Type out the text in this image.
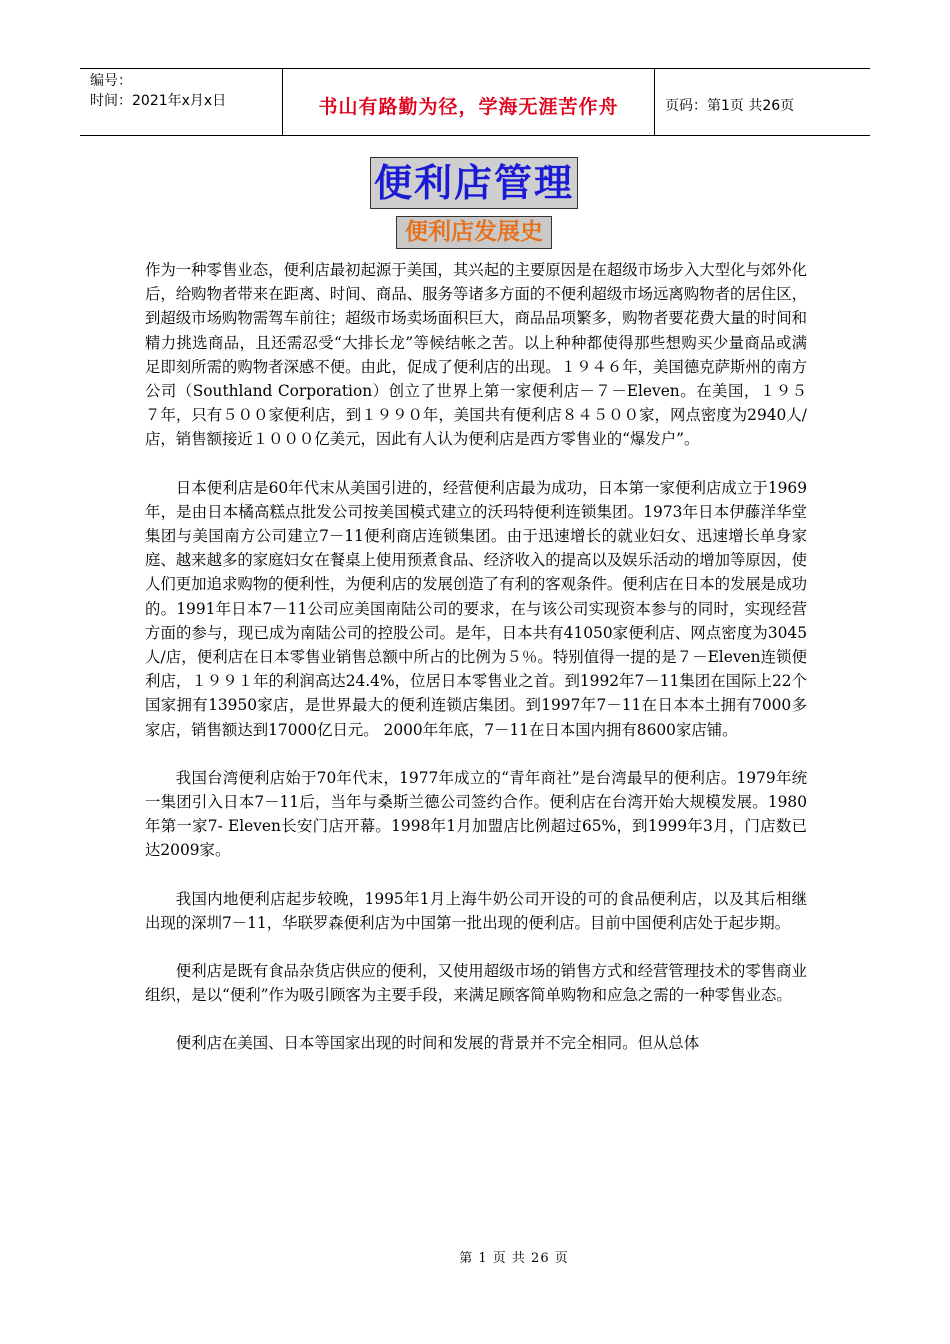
编号：
时间：2021年x月x日	书山有路勤为径，学海无涯苦作舟	页码：第1页 共26页
便利店管理
便利店发展史

作为一种零售业态，便利店最初起源于美国，其兴起的主要原因是在超级市场步入大型化与郊外化后，给购物者带来在距离、时间、商品、服务等诸多方面的不便利超级市场远离购物者的居住区，到超级市场购物需驾车前往；超级市场卖场面积巨大，商品品项繁多，购物者要花费大量的时间和精力挑选商品，且还需忍受“大排长龙”等候结帐之苦。以上种种都使得那些想购买少量商品或满足即刻所需的购物者深感不便。由此，促成了便利店的出现。１９４６年，美国德克萨斯州的南方公司（Southland Corporation）创立了世界上第一家便利店－７－Eleven。在美国，１９５７年，只有５００家便利店，到１９９０年，美国共有便利店８４５００家，网点密度为2940人/店，销售额接近１０００亿美元，因此有人认为便利店是西方零售业的“爆发户”。

日本便利店是60年代末从美国引进的，经营便利店最为成功，日本第一家便利店成立于1969年，是由日本橘高糕点批发公司按美国模式建立的沃玛特便利连锁集团。1973年日本伊藤洋华堂集团与美国南方公司建立7－11便利商店连锁集团。由于迅速增长的就业妇女、迅速增长单身家庭、越来越多的家庭妇女在餐桌上使用预煮食品、经济收入的提高以及娱乐活动的增加等原因，使人们更加追求购物的便利性，为便利店的发展创造了有利的客观条件。便利店在日本的发展是成功的。1991年日本7－11公司应美国南陆公司的要求，在与该公司实现资本参与的同时，实现经营方面的参与，现已成为南陆公司的控股公司。是年，日本共有41050家便利店、网点密度为3045人/店，便利店在日本零售业销售总额中所占的比例为５％。特别值得一提的是７－Eleven连锁便利店，１９９１年的利润高达24.4%，位居日本零售业之首。到1992年7－11集团在国际上22个国家拥有13950家店，是世界最大的便利连锁店集团。到1997年7－11在日本本土拥有7000多家店，销售额达到17000亿日元。 2000年年底，7－11在日本国内拥有8600家店铺。

我国台湾便利店始于70年代末，1977年成立的“青年商社”是台湾最早的便利店。1979年统一集团引入日本7－11后，当年与桑斯兰德公司签约合作。便利店在台湾开始大规模发展。1980年第一家7- Eleven长安门店开幕。1998年1月加盟店比例超过65%，到1999年3月，门店数已达2009家。

我国内地便利店起步较晚，1995年1月上海牛奶公司开设的可的食品便利店，以及其后相继出现的深圳7－11，华联罗森便利店为中国第一批出现的便利店。目前中国便利店处于起步期。

便利店是既有食品杂货店供应的便利，又使用超级市场的销售方式和经营管理技术的零售商业组织，是以“便利”作为吸引顾客为主要手段，来满足顾客简单购物和应急之需的一种零售业态。

便利店在美国、日本等国家出现的时间和发展的背景并不完全相同。但从总体

第 1 页 共 26 页
